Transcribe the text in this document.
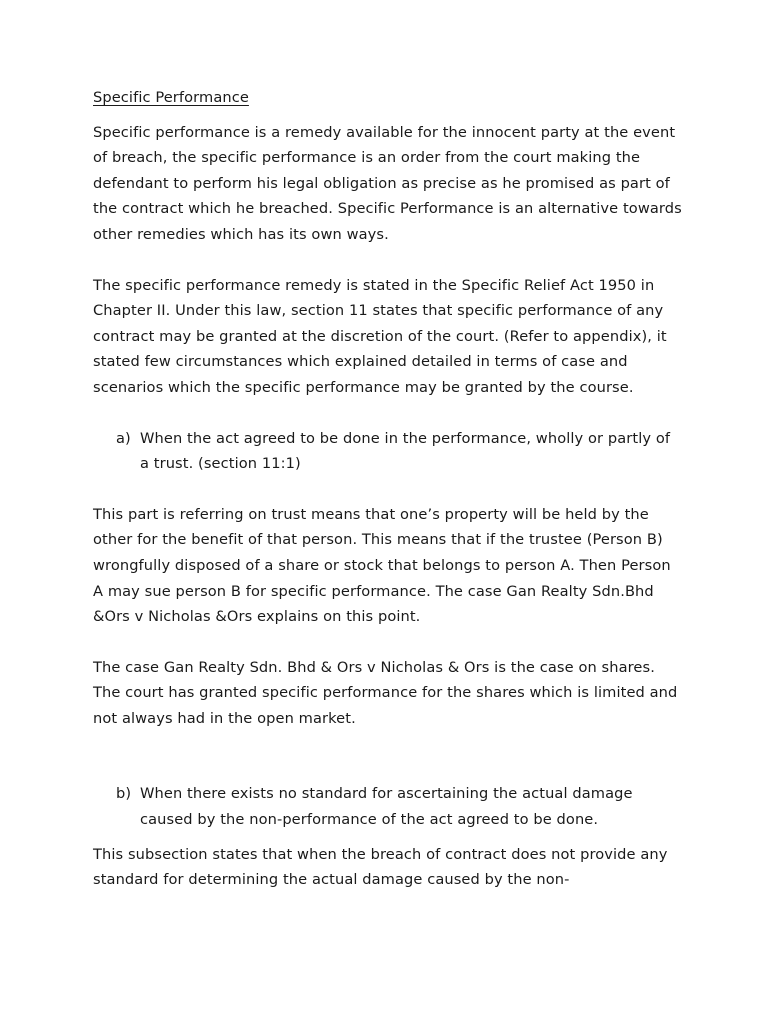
Specific Performance

Specific performance is a remedy available for the innocent party at the event of breach, the specific performance is an order from the court making the defendant to perform his legal obligation as precise as he promised as part of the contract which he breached. Specific Performance is an alternative towards other remedies which has its own ways.

The specific performance remedy is stated in the Specific Relief Act 1950 in Chapter II. Under this law, section 11 states that specific performance of any contract may be granted at the discretion of the court. (Refer to appendix), it stated few circumstances which explained detailed in terms of case and scenarios which the specific performance may be granted by the course.

a) When the act agreed to be done in the performance, wholly or partly of a trust. (section 11:1)

This part is referring on trust means that one’s property will be held by the other for the benefit of that person. This means that if the trustee (Person B) wrongfully disposed of a share or stock that belongs to person A. Then Person A may sue person B for specific performance. The case Gan Realty Sdn.Bhd &Ors v Nicholas &Ors explains on this point.

The case Gan Realty Sdn. Bhd & Ors v Nicholas & Ors is the case on shares. The court has granted specific performance for the shares which is limited and not always had in the open market.

b) When there exists no standard for ascertaining the actual damage caused by the non-performance of the act agreed to be done.

This subsection states that when the breach of contract does not provide any standard for determining the actual damage caused by the non-
